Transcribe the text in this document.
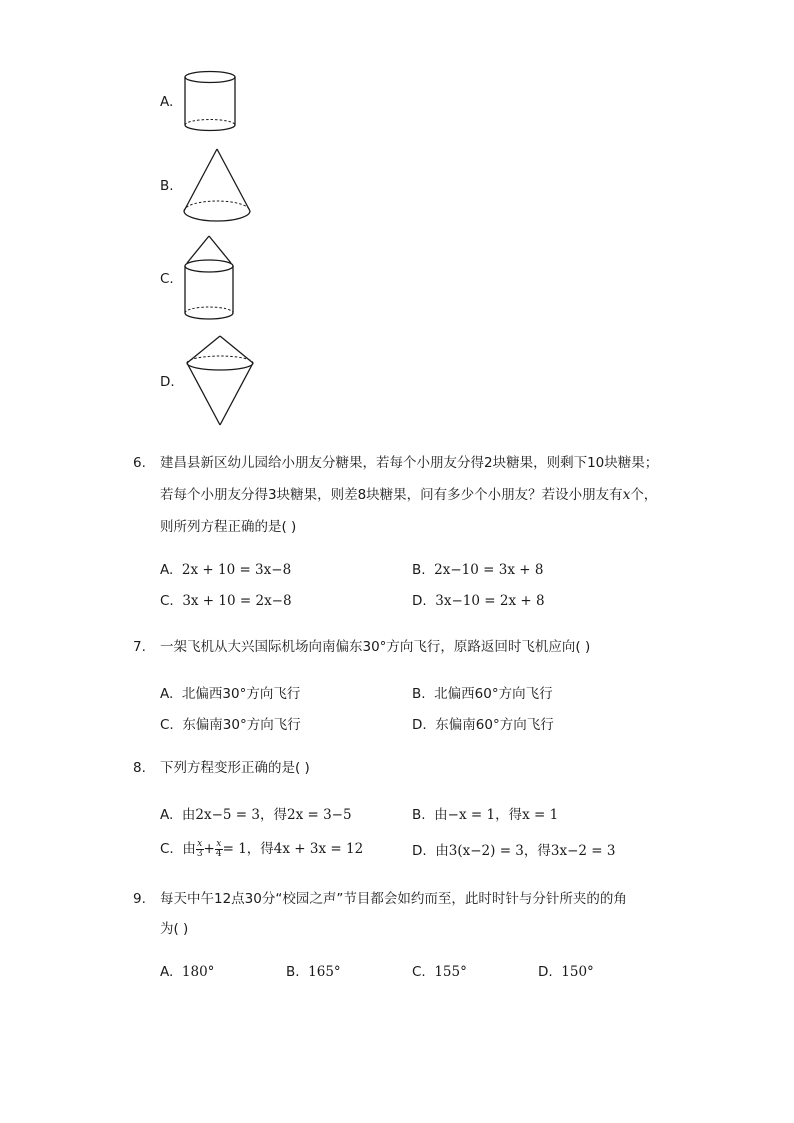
A.
B.
C.
D.
6. 建昌县新区幼儿园给小朋友分糖果，若每个小朋友分得2块糖果，则剩下10块糖果；
若每个小朋友分得3块糖果，则差8块糖果，问有多少个小朋友？若设小朋友有x个，
则所列方程正确的是( )
A. 2x + 10 = 3x−8	B. 2x−10 = 3x + 8
C. 3x + 10 = 2x−8	D. 3x−10 = 2x + 8
7. 一架飞机从大兴国际机场向南偏东30°方向飞行，原路返回时飞机应向( )
A. 北偏西30°方向飞行	B. 北偏西60°方向飞行
C. 东偏南30°方向飞行	D. 东偏南60°方向飞行
8. 下列方程变形正确的是( )
A. 由2x−5 = 3，得2x = 3−5	B. 由−x = 1，得x = 1
C. 由 $\frac{x}{3} + \frac{x}{4} = 1$，得4x + 3x = 12	D. 由3(x−2) = 3，得3x−2 = 3
9. 每天中午12点30分“校园之声”节目都会如约而至，此时时针与分针所夹的的角
为( )
A. 180°	B. 165°	C. 155°	D. 150°
